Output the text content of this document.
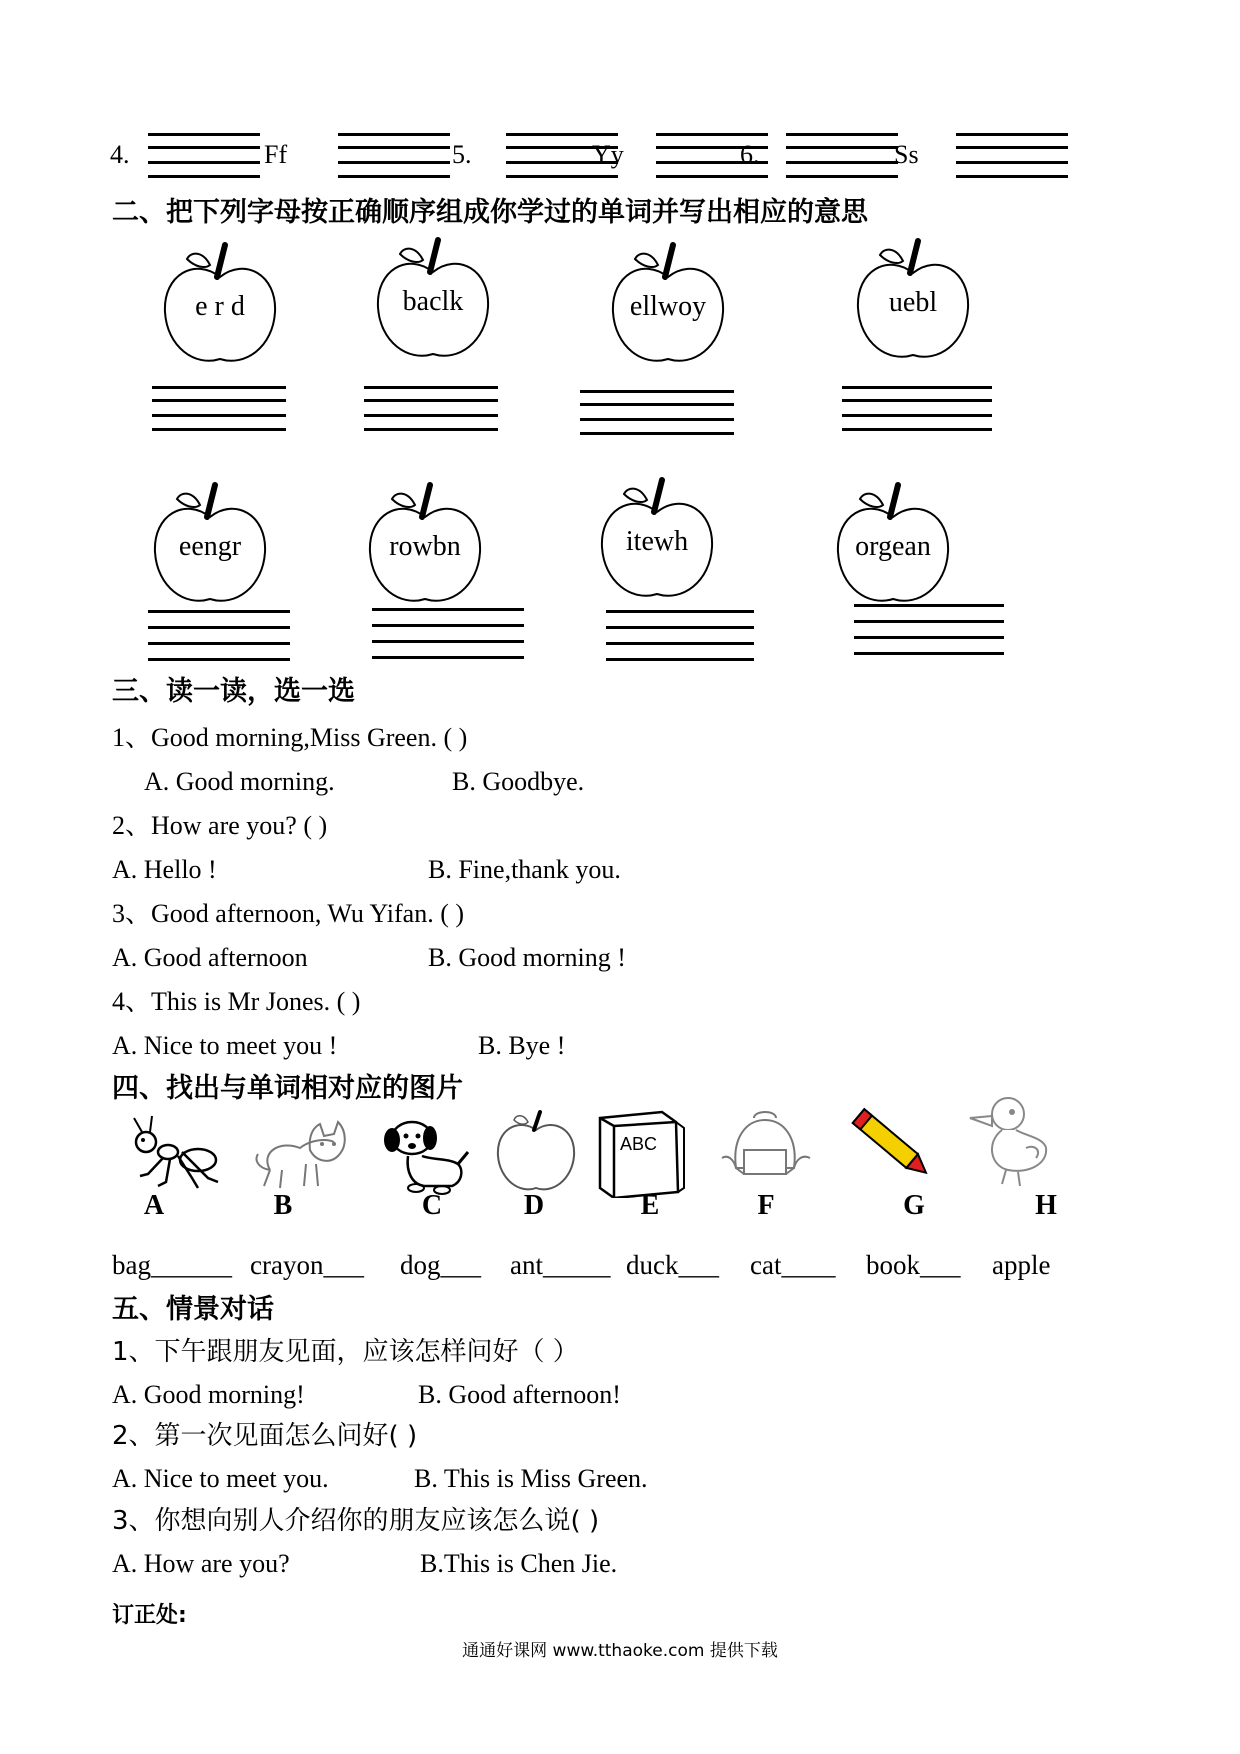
4.	Ff	5.	Yy	6.	Ss
二、把下列字母按正确顺序组成你学过的单词并写出相应的意思
e r d	baclk	ellwoy	uebl
eengr	rowbn	itewh	orgean
三、读一读，选一选
1、Good morning,Miss Green. ( )
A. Good morning.	B. Goodbye.
2、How are you? ( )
A. Hello !	B. Fine,thank you.
3、Good afternoon, Wu Yifan. ( )
A. Good afternoon	B. Good morning !
4、This is Mr Jones. ( )
A. Nice to meet you !	B. Bye !
四、找出与单词相对应的图片
ABC
A	B	C	D	E	F	G	H
bag______ crayon___ dog___ ant_____ duck___ cat____ book___ apple
五、情景对话
1、下午跟朋友见面，应该怎样问好（ ）
A. Good morning!	B. Good afternoon!
2、第一次见面怎么问好( )
A. Nice to meet you.	B. This is Miss Green.
3、你想向别人介绍你的朋友应该怎么说( )
A. How are you?	B.This is Chen Jie.
订正处:
通通好课网 www.tthaoke.com 提供下载
